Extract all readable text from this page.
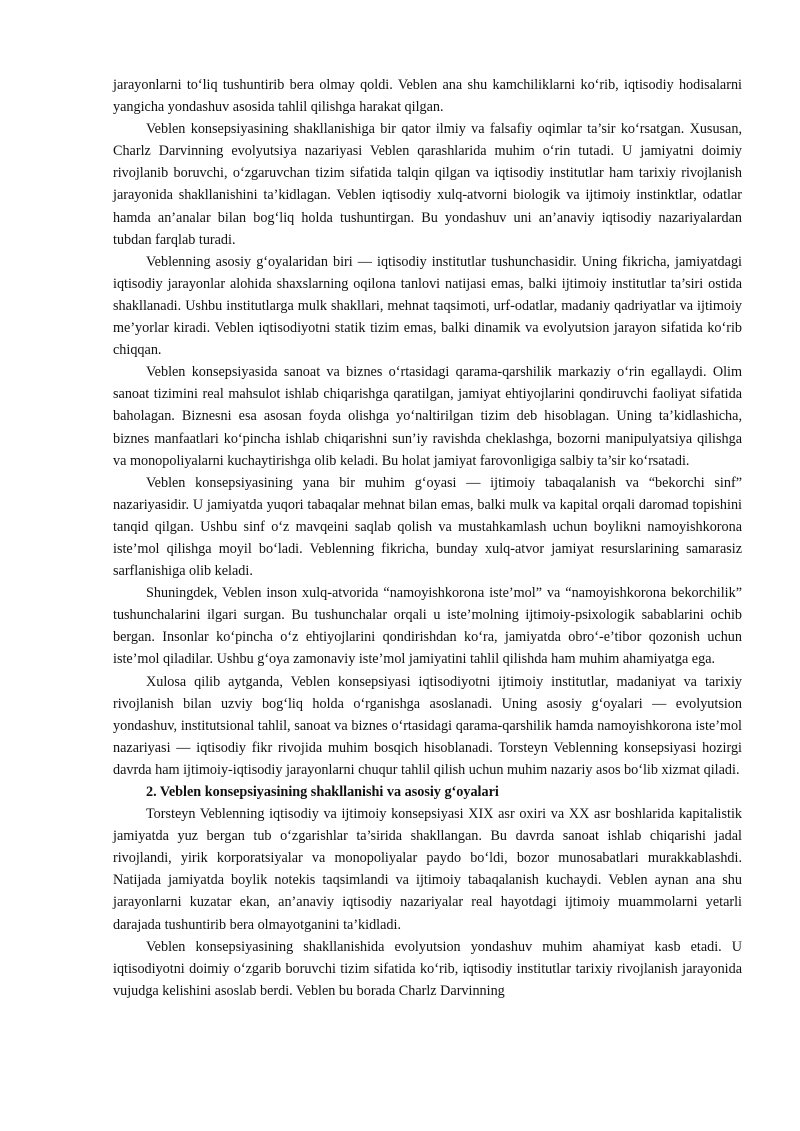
jarayonlarni to‘liq tushuntirib bera olmay qoldi. Veblen ana shu kamchiliklarni ko‘rib, iqtisodiy hodisalarni yangicha yondashuv asosida tahlil qilishga harakat qilgan.

Veblen konsepsiyasining shakllanishiga bir qator ilmiy va falsafiy oqimlar ta’sir ko‘rsatgan. Xususan, Charlz Darvinning evolyutsiya nazariyasi Veblen qarashlarida muhim o‘rin tutadi. U jamiyatni doimiy rivojlanib boruvchi, o‘zgaruvchan tizim sifatida talqin qilgan va iqtisodiy institutlar ham tarixiy rivojlanish jarayonida shakllanishini ta’kidlagan. Veblen iqtisodiy xulq-atvorni biologik va ijtimoiy instinktlar, odatlar hamda an’analar bilan bog‘liq holda tushuntirgan. Bu yondashuv uni an’anaviy iqtisodiy nazariyalardan tubdan farqlab turadi.

Veblenning asosiy g‘oyalaridan biri — iqtisodiy institutlar tushunchasidir. Uning fikricha, jamiyatdagi iqtisodiy jarayonlar alohida shaxslarning oqilona tanlovi natijasi emas, balki ijtimoiy institutlar ta’siri ostida shakllanadi. Ushbu institutlarga mulk shakllari, mehnat taqsimoti, urf-odatlar, madaniy qadriyatlar va ijtimoiy me’yorlar kiradi. Veblen iqtisodiyotni statik tizim emas, balki dinamik va evolyutsion jarayon sifatida ko‘rib chiqqan.

Veblen konsepsiyasida sanoat va biznes o‘rtasidagi qarama-qarshilik markaziy o‘rin egallaydi. Olim sanoat tizimini real mahsulot ishlab chiqarishga qaratilgan, jamiyat ehtiyojlarini qondiruvchi faoliyat sifatida baholagan. Biznesni esa asosan foyda olishga yo‘naltirilgan tizim deb hisoblagan. Uning ta’kidlashicha, biznes manfaatlari ko‘pincha ishlab chiqarishni sun’iy ravishda cheklashga, bozorni manipulyatsiya qilishga va monopoliyalarni kuchaytirishga olib keladi. Bu holat jamiyat farovonligiga salbiy ta’sir ko‘rsatadi.

Veblen konsepsiyasining yana bir muhim g‘oyasi — ijtimoiy tabaqalanish va “bekorchi sinf” nazariyasidir. U jamiyatda yuqori tabaqalar mehnat bilan emas, balki mulk va kapital orqali daromad topishini tanqid qilgan. Ushbu sinf o‘z mavqeini saqlab qolish va mustahkamlash uchun boylikni namoyishkorona iste’mol qilishga moyil bo‘ladi. Veblenning fikricha, bunday xulq-atvor jamiyat resurslarining samarasiz sarflanishiga olib keladi.

Shuningdek, Veblen inson xulq-atvorida “namoyishkorona iste’mol” va “namoyishkorona bekorchilik” tushunchalarini ilgari surgan. Bu tushunchalar orqali u iste’molning ijtimoiy-psixologik sabablarini ochib bergan. Insonlar ko‘pincha o‘z ehtiyojlarini qondirishdan ko‘ra, jamiyatda obro‘-e’tibor qozonish uchun iste’mol qiladilar. Ushbu g‘oya zamonaviy iste’mol jamiyatini tahlil qilishda ham muhim ahamiyatga ega.

Xulosa qilib aytganda, Veblen konsepsiyasi iqtisodiyotni ijtimoiy institutlar, madaniyat va tarixiy rivojlanish bilan uzviy bog‘liq holda o‘rganishga asoslanadi. Uning asosiy g‘oyalari — evolyutsion yondashuv, institutsional tahlil, sanoat va biznes o‘rtasidagi qarama-qarshilik hamda namoyishkorona iste’mol nazariyasi — iqtisodiy fikr rivojida muhim bosqich hisoblanadi. Torsteyn Veblenning konsepsiyasi hozirgi davrda ham ijtimoiy-iqtisodiy jarayonlarni chuqur tahlil qilish uchun muhim nazariy asos bo‘lib xizmat qiladi.

2. Veblen konsepsiyasining shakllanishi va asosiy g‘oyalari

Torsteyn Veblenning iqtisodiy va ijtimoiy konsepsiyasi XIX asr oxiri va XX asr boshlarida kapitalistik jamiyatda yuz bergan tub o‘zgarishlar ta’sirida shakllangan. Bu davrda sanoat ishlab chiqarishi jadal rivojlandi, yirik korporatsiyalar va monopoliyalar paydo bo‘ldi, bozor munosabatlari murakkablashdi. Natijada jamiyatda boylik notekis taqsimlandi va ijtimoiy tabaqalanish kuchaydi. Veblen aynan ana shu jarayonlarni kuzatar ekan, an’anaviy iqtisodiy nazariyalar real hayotdagi ijtimoiy muammolarni yetarli darajada tushuntirib bera olmayotganini ta’kidladi.

Veblen konsepsiyasining shakllanishida evolyutsion yondashuv muhim ahamiyat kasb etadi. U iqtisodiyotni doimiy o‘zgarib boruvchi tizim sifatida ko‘rib, iqtisodiy institutlar tarixiy rivojlanish jarayonida vujudga kelishini asoslab berdi. Veblen bu borada Charlz Darvinning
